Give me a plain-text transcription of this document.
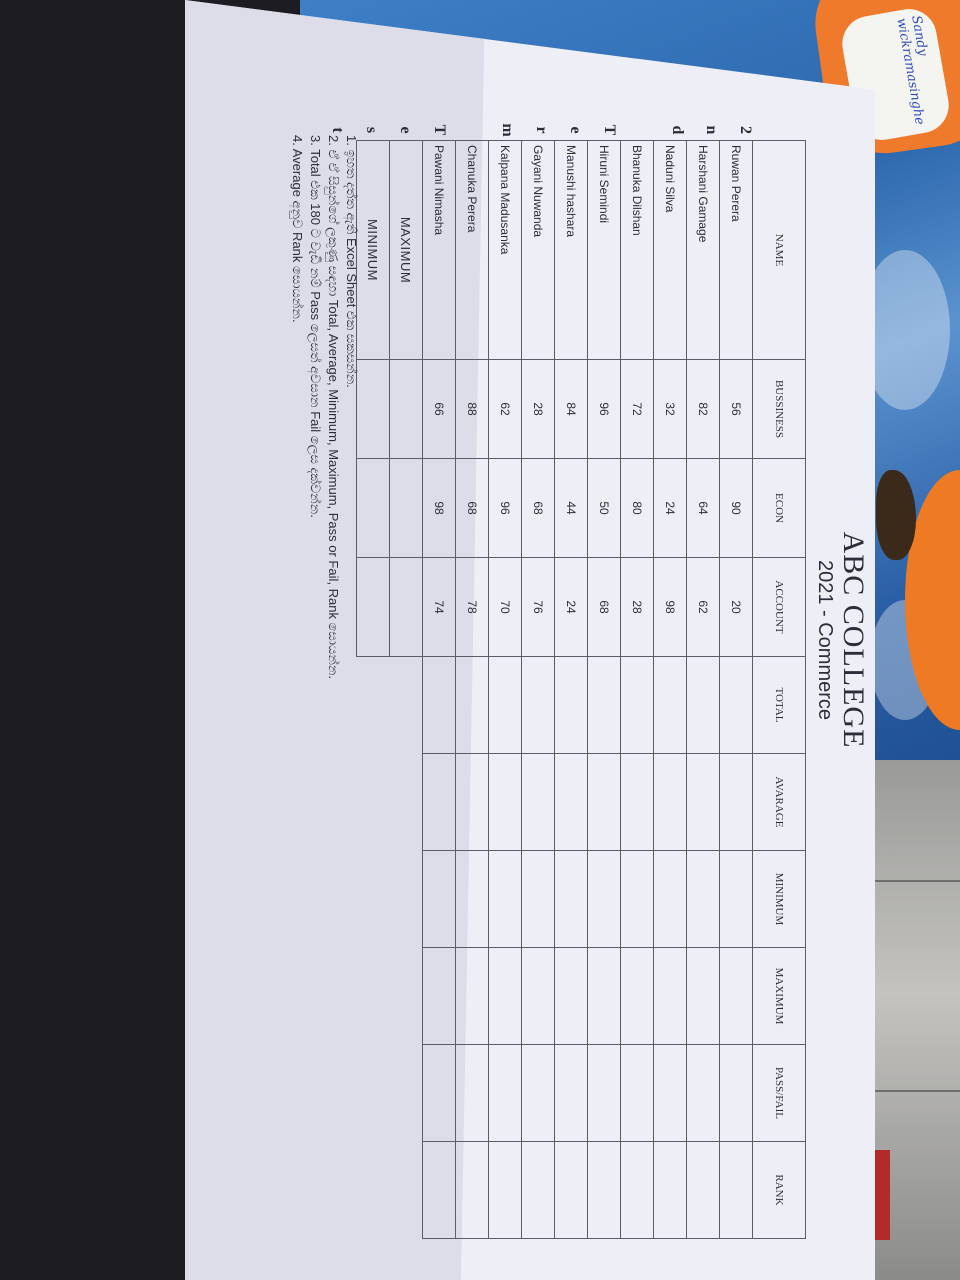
Sandy wickramasinghe
ABC COLLEGE
2021 - Commerce
2
n
d
T
e
r
m
T
e
s
t
NAME	BUSSINESS	ECON	ACCOUNT	TOTAL	AVARAGE	MINIMUM	MAXIMUM	PASS/FAIL	RANK
Ruwan Perera	56	90	20						
Harshani Gamage	82	64	62						
Naduni Silva	32	24	98						
Bhanuka Dilshan	72	80	28						
Hiruni Semindi	96	50	68						
Manushi hashara	84	44	24						
Gayani Nuwanda	28	68	76						
Kalpana Madusanka	62	96	70						
Chanuka Perera	88	68	78						
Pawani Nimasha	66	98	74						
MAXIMUM									
MINIMUM									
1. ඉහත දත්ත ඇති Excel Sheet එක සකසන්න.
2. ඒ ඒ සිසුන්ගේ ලකුණු සඳහා Total, Average, Minimum, Maximum, Pass or Fail, Rank සොයන්න.
3. Total එක 180 ට වැඩි නම් Pass ලෙසත් අවසාන Fail ලෙස දක්වන්න.
4. Average අනුව Rank සොයන්න.
